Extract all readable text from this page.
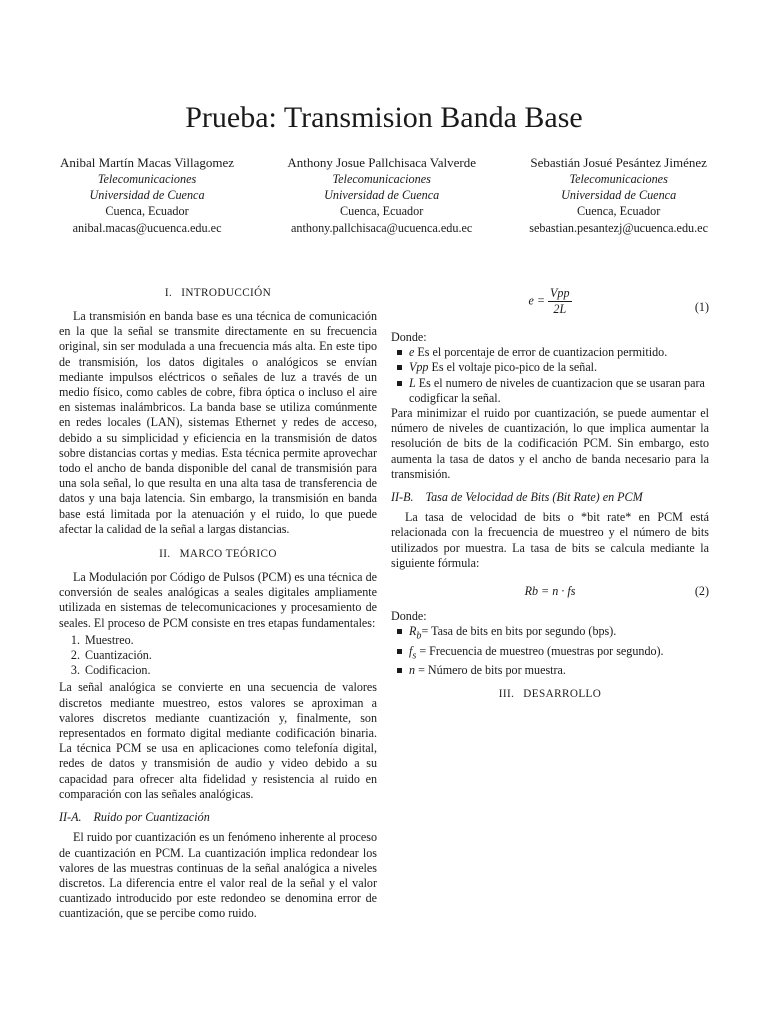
Prueba: Transmision Banda Base
Anibal Martín Macas Villagomez
Telecomunicaciones
Universidad de Cuenca
Cuenca, Ecuador
anibal.macas@ucuenca.edu.ec
Anthony Josue Pallchisaca Valverde
Telecomunicaciones
Universidad de Cuenca
Cuenca, Ecuador
anthony.pallchisaca@ucuenca.edu.ec
Sebastián Josué Pesántez Jiménez
Telecomunicaciones
Universidad de Cuenca
Cuenca, Ecuador
sebastian.pesantezj@ucuenca.edu.ec
I. INTRODUCCIÓN

La transmisión en banda base es una técnica de comunicación en la que la señal se transmite directamente en su frecuencia original, sin ser modulada a una frecuencia más alta. En este tipo de transmisión, los datos digitales o analógicos se envían mediante impulsos eléctricos o señales de luz a través de un medio físico, como cables de cobre, fibra óptica o incluso el aire en sistemas inalámbricos. La banda base se utiliza comúnmente en redes locales (LAN), sistemas Ethernet y redes de acceso, debido a su simplicidad y eficiencia en la transmisión de datos sobre distancias cortas y medias. Esta técnica permite aprovechar todo el ancho de banda disponible del canal de transmisión para una sola señal, lo que resulta en una alta tasa de transferencia de datos y una baja latencia. Sin embargo, la transmisión en banda base está limitada por la atenuación y el ruido, lo que puede afectar la calidad de la señal a largas distancias.

II. MARCO TEÓRICO

La Modulación por Código de Pulsos (PCM) es una técnica de conversión de seales analógicas a seales digitales ampliamente utilizada en sistemas de telecomunicaciones y procesamiento de seales. El proceso de PCM consiste en tres etapas fundamentales:

1. Muestreo.
2. Cuantización.
3. Codificacion.

La señal analógica se convierte en una secuencia de valores discretos mediante muestreo, estos valores se aproximan a valores discretos mediante cuantización y, finalmente, son representados en formato digital mediante codificación binaria. La técnica PCM se usa en aplicaciones como telefonía digital, redes de datos y transmisión de audio y video debido a su capacidad para ofrecer alta fidelidad y resistencia al ruido en comparación con las señales analógicas.

II-A. Ruido por Cuantización

El ruido por cuantización es un fenómeno inherente al proceso de cuantización en PCM. La cuantización implica redondear los valores de las muestras continuas de la señal analógica a niveles discretos. La diferencia entre el valor real de la señal y el valor cuantizado introducido por este redondeo se denomina error de cuantización, que se percibe como ruido.

$e = \frac{\text{Vpp}}{2L}$	(1)

Donde:

e Es el porcentaje de error de cuantizacion permitido.
Vpp Es el voltaje pico-pico de la señal.
L Es el numero de niveles de cuantizacion que se usaran para codigficar la señal.

Para minimizar el ruido por cuantización, se puede aumentar el número de niveles de cuantización, lo que implica aumentar la resolución de bits de la codificación PCM. Sin embargo, esto aumenta la tasa de datos y el ancho de banda necesario para la transmisión.

II-B. Tasa de Velocidad de Bits (Bit Rate) en PCM

La tasa de velocidad de bits o *bit rate* en PCM está relacionada con la frecuencia de muestreo y el número de bits utilizados por muestra. La tasa de bits se calcula mediante la siguiente fórmula:

Rb = n · fs	(2)

Donde:

$R_b=$ Tasa de bits en bits por segundo (bps).
$f_s$ = Frecuencia de muestreo (muestras por segundo).
n = Número de bits por muestra.
III. DESARROLLO
